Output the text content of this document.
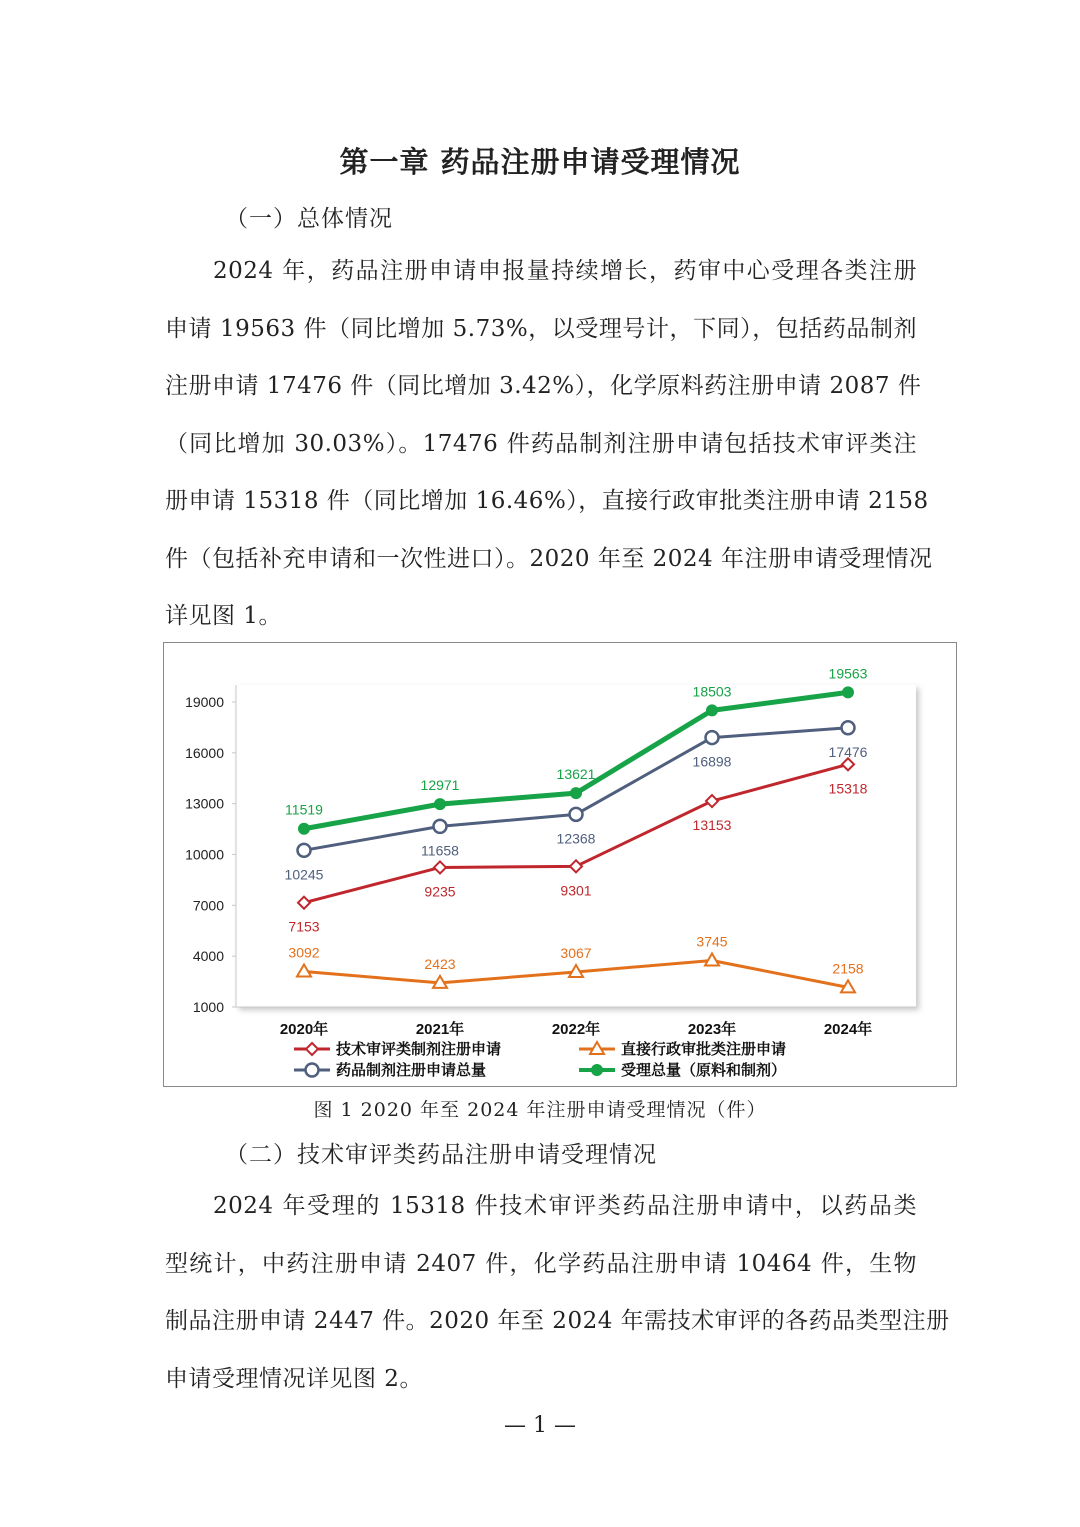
第一章 药品注册申请受理情况
（一）总体情况
2024 年，药品注册申请申报量持续增长，药审中心受理各类注册
申请 19563 件（同比增加 5.73%，以受理号计，下同），包括药品制剂
注册申请 17476 件（同比增加 3.42%），化学原料药注册申请 2087 件
（同比增加 30.03%）。17476 件药品制剂注册申请包括技术审评类注
册申请 15318 件（同比增加 16.46%），直接行政审批类注册申请 2158
件（包括补充申请和一次性进口）。2020 年至 2024 年注册申请受理情况
详见图 1。
1000
4000
7000
10000
13000
16000
19000
2020年	2021年	2022年	2023年	2024年
7153
9235	9301
13153
15318
3092
2423
3067
3745
2158
10245
11658
12368
16898
17476
11519
12971
13621
18503
19563
技术审评类制剂注册申请	直接行政审批类注册申请
药品制剂注册申请总量	受理总量（原料和制剂）
图 1 2020 年至 2024 年注册申请受理情况（件）
（二）技术审评类药品注册申请受理情况
2024 年受理的 15318 件技术审评类药品注册申请中，以药品类
型统计，中药注册申请 2407 件，化学药品注册申请 10464 件，生物
制品注册申请 2447 件。2020 年至 2024 年需技术审评的各药品类型注册
申请受理情况详见图 2。
— 1 —
